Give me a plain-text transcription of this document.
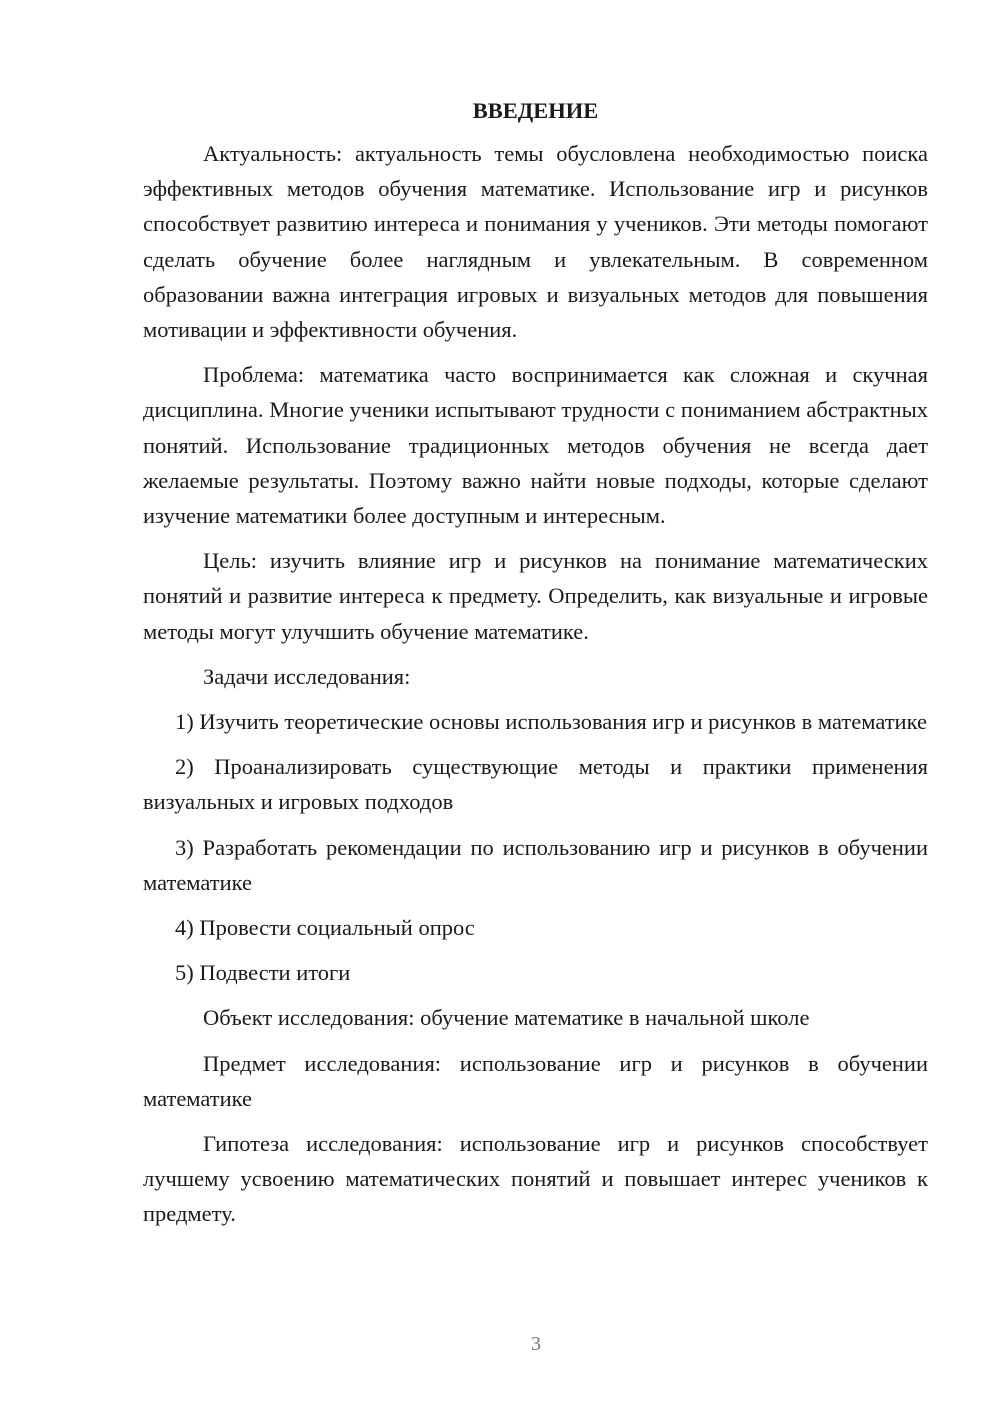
ВВЕДЕНИЕ

Актуальность: актуальность темы обусловлена необходимостью поиска эффективных методов обучения математике. Использование игр и рисунков способствует развитию интереса и понимания у учеников. Эти методы помогают сделать обучение более наглядным и увлекательным. В современном образовании важна интеграция игровых и визуальных методов для повышения мотивации и эффективности обучения.

Проблема: математика часто воспринимается как сложная и скучная дисциплина. Многие ученики испытывают трудности с пониманием абстрактных понятий. Использование традиционных методов обучения не всегда дает желаемые результаты. Поэтому важно найти новые подходы, которые сделают изучение математики более доступным и интересным.

Цель: изучить влияние игр и рисунков на понимание математических понятий и развитие интереса к предмету. Определить, как визуальные и игровые методы могут улучшить обучение математике.

Задачи исследования:

1) Изучить теоретические основы использования игр и рисунков в математике

2) Проанализировать существующие методы и практики применения визуальных и игровых подходов

3) Разработать рекомендации по использованию игр и рисунков в обучении математике

4) Провести социальный опрос

5) Подвести итоги

Объект исследования: обучение математике в начальной школе

Предмет исследования: использование игр и рисунков в обучении математике

Гипотеза исследования: использование игр и рисунков способствует лучшему усвоению математических понятий и повышает интерес учеников к предмету.

3
